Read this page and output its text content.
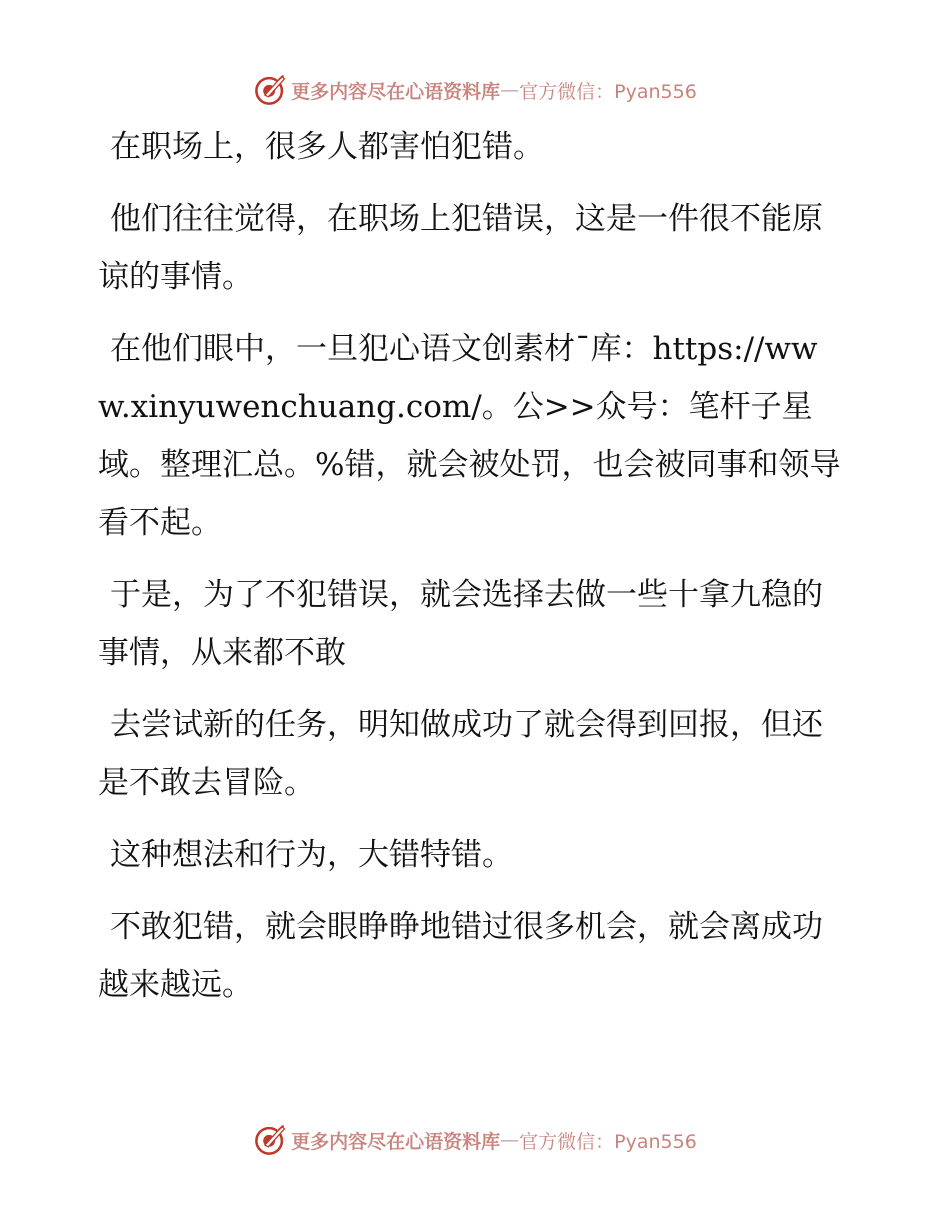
更多内容尽在心语资料库 — 官方微信：Pyan556

在职场上，很多人都害怕犯错。

他们往往觉得，在职场上犯错误，这是一件很不能原谅的事情。

在他们眼中，一旦犯心语文创素材¯库：https://www.xinyuwenchuang.com/。公>>众号：笔杆子星域。整理汇总。%错，就会被处罚，也会被同事和领导看不起。

于是，为了不犯错误，就会选择去做一些十拿九稳的事情，从来都不敢

去尝试新的任务，明知做成功了就会得到回报，但还是不敢去冒险。

这种想法和行为，大错特错。

不敢犯错，就会眼睁睁地错过很多机会，就会离成功越来越远。

更多内容尽在心语资料库 — 官方微信：Pyan556
